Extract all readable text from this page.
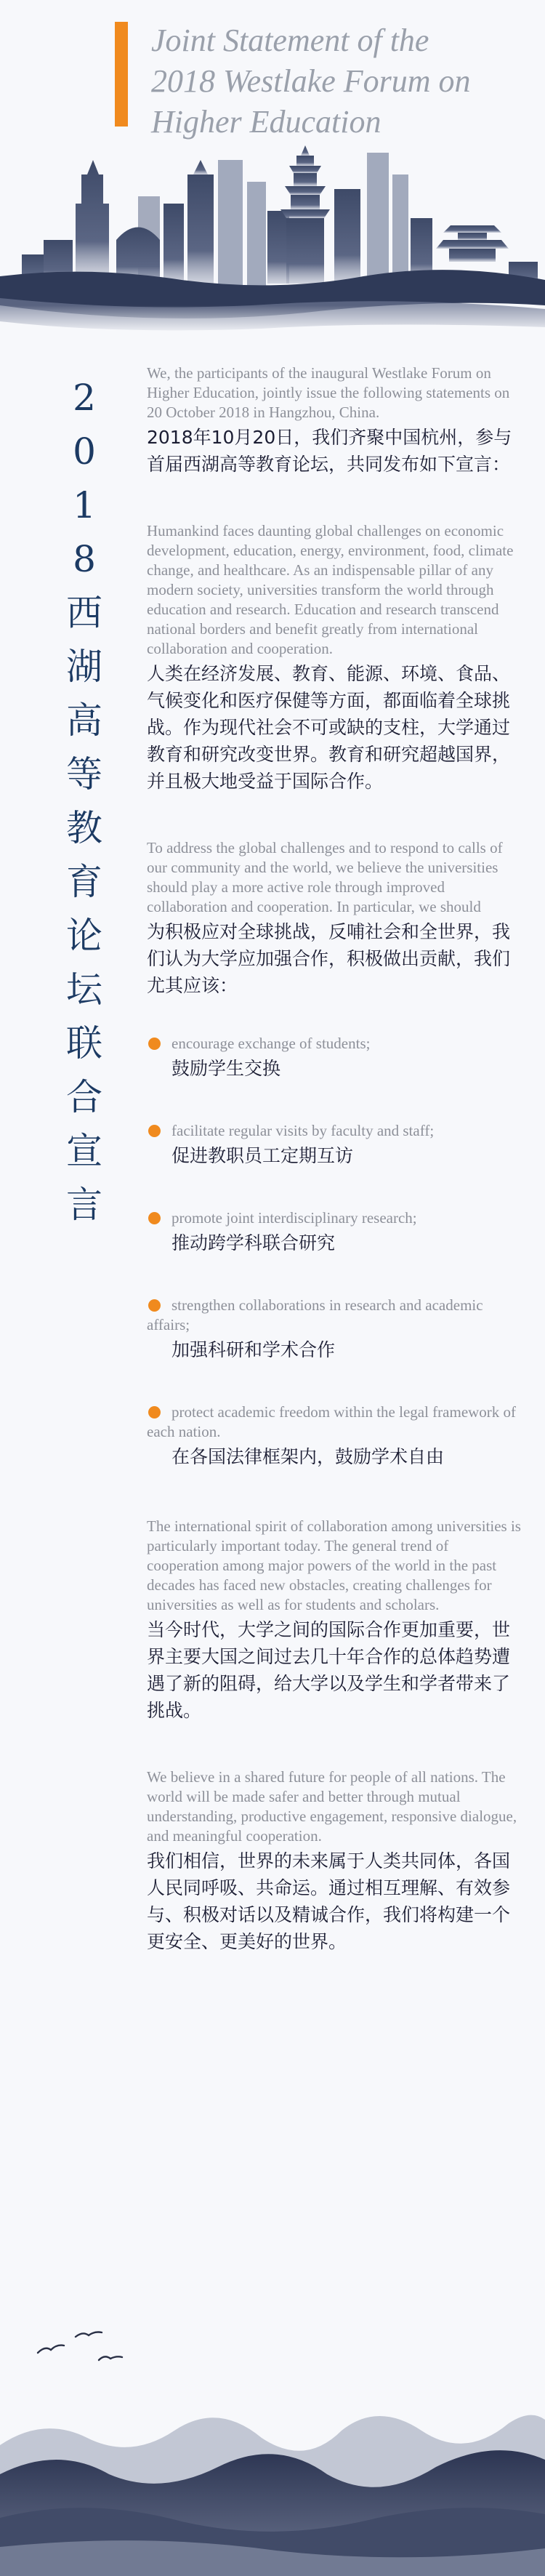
Joint Statement of the
2018 Westlake Forum on
Higher Education
2
0
1
8
西
湖
高
等
教
育
论
坛
联
合
宣
言

We, the participants of the inaugural Westlake Forum on Higher Education, jointly issue the following statements on 20 October 2018 in Hangzhou, China.

2018年10月20日，我们齐聚中国杭州，参与首届西湖高等教育论坛，共同发布如下宣言：

Humankind faces daunting global challenges on economic development, education, energy, environment, food, climate change, and healthcare. As an indispensable pillar of any modern society, universities transform the world through education and research. Education and research transcend national borders and benefit greatly from international collaboration and cooperation.

人类在经济发展、教育、能源、环境、食品、气候变化和医疗保健等方面，都面临着全球挑战。作为现代社会不可或缺的支柱，大学通过教育和研究改变世界。教育和研究超越国界，并且极大地受益于国际合作。

To address the global challenges and to respond to calls of our community and the world, we believe the universities should play a more active role through improved collaboration and cooperation. In particular, we should

为积极应对全球挑战，反哺社会和全世界，我们认为大学应加强合作，积极做出贡献，我们尤其应该：

encourage exchange of students;

鼓励学生交换

facilitate regular visits by faculty and staff;

促进教职员工定期互访

promote joint interdisciplinary research;

推动跨学科联合研究

strengthen collaborations in research and academic affairs;

加强科研和学术合作

protect academic freedom within the legal framework of each nation.

在各国法律框架内，鼓励学术自由

The international spirit of collaboration among universities is particularly important today. The general trend of cooperation among major powers of the world in the past decades has faced new obstacles, creating challenges for universities as well as for students and scholars.

当今时代，大学之间的国际合作更加重要，世界主要大国之间过去几十年合作的总体趋势遭遇了新的阻碍，给大学以及学生和学者带来了挑战。

We believe in a shared future for people of all nations. The world will be made safer and better through mutual understanding, productive engagement, responsive dialogue, and meaningful cooperation.

我们相信，世界的未来属于人类共同体，各国人民同呼吸、共命运。通过相互理解、有效参与、积极对话以及精诚合作，我们将构建一个更安全、更美好的世界。
